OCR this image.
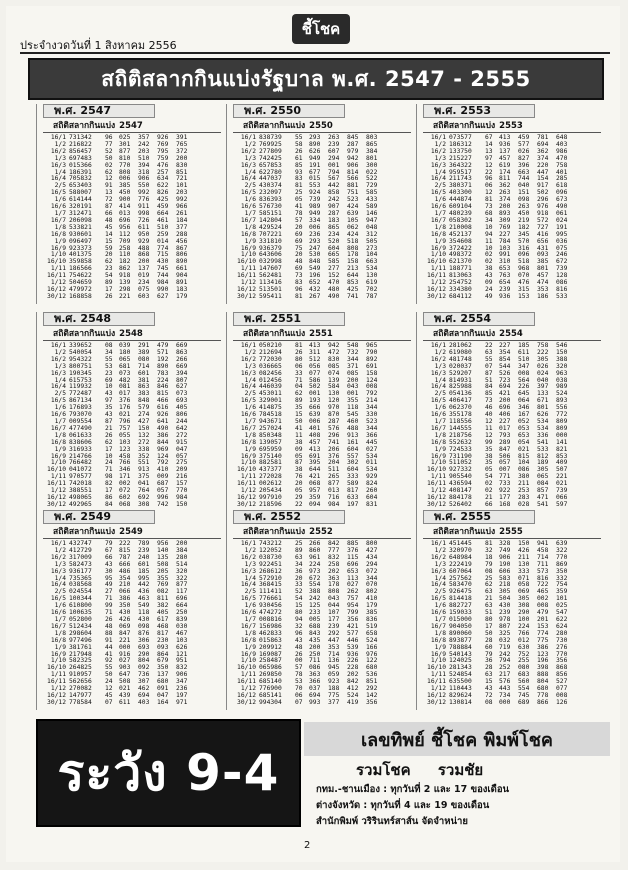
ชี้โชค
ประจำงวดวันที่ 1 สิงหาคม 2556
สถิติสลากกินแบ่งรัฐบาล พ.ศ. 2547 - 2555
พ.ศ. 2547
สถิติสลากกินแบ่ง 2547
16/1 731342	96	025	357	926	391
1/2 216822	77	301	242	769	765
16/2 856457	52	877	203	795	372
1/3 697483	50	810	510	759	200
16/3 015366	02	770	394	476	830
1/4 186391	62	808	318	257	851
16/4 705832	12	006	906	634	721
2/5 653403	91	385	550	622	101
16/5 588007	13	450	992	826	203
1/6 614144	72	900	776	425	992
16/6 320191	87	414	911	459	966
1/7 312471	66	013	998	664	261
16/7 206098	48	696	726	461	184
1/8 533821	45	956	611	510	377
16/8 930601	14	112	950	259	288
1/9 096497	15	709	929	014	456
16/9 923373	59	258	488	774	867
1/10 401375	20	110	868	715	806
16/10 359858	62	182	200	430	890
1/11 186566	23	862	137	745	661
16/11 754622	54	918	019	744	904
1/12 504659	89	139	234	984	891
16/12 479972	17	298	075	990	183
30/12 168858	26	221	603	627	179
พ.ศ. 2550
สถิติสลากกินแบ่ง 2550
16/1 838739	55	293	263	845	803
1/2 769925	58	890	239	287	865
16/2 277809	26	626	607	979	384
1/3 742425	61	949	294	942	801
16/3 657853	85	191	001	906	300
1/4 622780	93	677	794	814	022
16/4 447037	83	015	567	566	522
2/5 430374	81	553	442	881	729
16/5 232097	25	924	858	751	585
1/6 836393	05	739	242	523	433
16/6 576730	41	989	907	424	589
1/7 585151	78	949	287	639	146
16/7 142804	57	334	183	105	947
1/8 429524	20	006	865	062	048
16/8 707221	69	236	234	424	312
1/9 331810	69	293	520	518	505
16/9 936379	75	247	604	808	273
1/10 643606	20	530	665	178	104
16/10 032998	48	848	585	158	663
1/11 147607	69	549	277	213	534
16/11 562481	73	196	152	644	130
1/12 113416	83	652	470	853	619
16/12 513501	96	432	480	425	702
30/12 595411	81	267	490	741	787
พ.ศ. 2553
สถิติสลากกินแบ่ง 2553
16/1 073577	67	413	459	781	648
1/2 186312	14	936	577	694	403
16/2 133750	13	137	026	362	986
1/3 215227	97	457	827	374	470
16/3 364322	12	619	396	220	758
1/4 959517	22	174	663	447	401
16/4 211743	96	811	744	154	285
2/5 380371	06	362	040	917	618
16/5 403300	12	263	151	502	096
1/6 444874	81	374	098	296	673
16/6 609104	73	200	263	976	490
1/7 480239	68	893	450	918	061
16/7 058302	34	309	219	572	024
1/8 210008	10	769	182	727	191
16/8 452137	94	227	345	416	995
1/9 354608	11	784	570	656	036
16/9 372422	10	103	316	431	075
1/10 498372	02	991	096	093	246
16/10 621370	02	310	518	385	672
1/11 188771	38	653	968	801	739
16/11 813063	43	763	070	457	128
1/12 254752	09	654	476	474	086
16/12 334380	24	239	315	353	816
30/12 684112	49	936	153	186	533
พ.ศ. 2548
สถิติสลากกินแบ่ง 2548
16/1 339652	08	039	291	479	669
1/2 540054	34	180	389	571	863
16/2 954322	55	065	080	192	266
1/3 800751	53	681	714	890	669
16/3 190345	23	073	601	783	394
1/4 615753	69	482	381	224	807
16/4 119932	10	081	863	846	627
2/5 772487	43	017	383	815	073
16/5 867134	97	376	848	466	693
1/6 176893	35	176	579	616	405
16/6 793070	43	021	274	926	806
1/7 009554	87	796	427	641	244
16/7 477490	21	757	150	490	642
1/8 061633	26	055	132	386	272
16/8 838606	62	103	272	844	915
1/9 316933	17	123	338	969	047
16/9 214766	10	458	352	124	057
1/10 766482	24	766	551	792	275
16/10 041072	71	346	913	410	209
1/11 970577	98	171	375	009	216
16/11 742018	82	002	041	687	157
1/12 388551	17	072	764	057	770
16/12 498065	86	602	692	996	984
30/12 492965	84	068	308	742	150
พ.ศ. 2551
สถิติสลากกินแบ่ง 2551
16/1 050210	81	413	942	548	965
1/2 212694	26	311	472	732	790
16/2 772030	80	512	830	344	892
1/3 036665	06	056	085	371	691
16/3 082456	33	077	074	085	158
1/4 012456	71	586	139	200	124
16/4 446039	04	502	584	043	008
2/5 453011	62	001	130	001	792
16/5 329001	89	193	120	355	214
1/6 414875	35	666	970	118	344
16/6 784518	15	639	870	545	330
1/7 943671	50	006	287	460	523
16/7 257024	41	401	576	488	344
1/8 850348	11	408	296	913	366
16/8 139057	38	457	741	161	445
1/9 695959	09	413	206	604	027
16/9 375140	05	691	376	557	534
1/10 882581	87	395	204	302	011
16/10 437377	38	644	511	604	534
1/11 272028	76	421	265	333	929
16/11 002612	20	068	877	589	824
1/12 205434	05	957	013	817	260
16/12 997910	29	359	716	633	604
30/12 218596	22	094	984	197	831
พ.ศ. 2554
สถิติสลากกินแบ่ง 2554
16/1 281062	22	227	185	758	546
1/2 619080	63	354	611	222	150
16/2 481748	55	854	510	305	388
1/3 020037	07	544	347	026	320
16/3 529207	87	526	008	024	963
1/4 814931	51	723	564	040	038
16/4 825988	84	694	226	397	989
2/5 054136	85	421	645	133	524
16/5 406417	73	200	064	671	893
1/6 062370	46	696	346	801	556
16/6 355178	40	406	167	626	772
1/7 118556	12	227	052	534	809
16/7 144555	11	017	053	534	809
1/8 218756	12	793	653	336	000
16/8 552632	99	289	054	541	141
1/9 724533	35	847	021	533	821
16/9 731190	38	506	815	812	853
1/10 511052	35	057	104	189	409
16/10 927332	05	007	086	305	507
1/11 905540	54	771	380	065	221
16/11 436594	02	733	211	084	021
1/12 408147	02	922	253	857	739
16/12 884178	21	177	283	471	066
30/12 526402	66	168	028	541	597
พ.ศ. 2549
สถิติสลากกินแบ่ง 2549
16/1 432747	79	222	789	956	200
1/2 412729	67	815	239	140	384
16/2 317009	66	787	240	135	280
1/3 582473	43	666	601	508	514
16/3 936177	30	486	185	205	320
1/4 735365	95	354	995	355	322
16/4 038568	49	210	442	769	877
2/5 024554	27	066	436	082	117
16/5 100344	71	386	463	811	696
1/6 610800	99	350	549	382	664
16/6 100635	71	430	118	405	250
1/7 052800	26	426	430	617	839
16/7 512434	48	069	098	468	030
1/8 298604	88	847	876	817	467
16/8 977496	91	221	306	230	103
1/9 381761	44	000	693	093	626
16/9 217948	41	916	290	864	121
1/10 582325	92	027	804	679	951
16/10 264825	55	903	092	350	832
1/11 910957	50	647	736	137	906
16/11 562656	24	508	307	680	347
1/12 270082	12	021	462	091	236
16/12 147977	45	439	694	047	197
30/12 778584	07	611	403	164	971
พ.ศ. 2552
สถิติสลากกินแบ่ง 2552
16/1 743212	25	266	842	885	800
1/2 122052	89	860	777	376	427
16/2 038730	63	961	832	115	434
1/3 922451	34	224	258	696	294
16/3 268612	36	973	202	653	072
1/4 572910	20	672	363	113	344
16/4 368415	33	554	178	027	070
2/5 111411	52	388	808	262	802
16/5 776661	54	242	043	757	410
1/6 930456	15	125	044	954	179
16/6 474272	80	233	107	799	385
1/7 008816	94	005	177	356	836
16/7 156986	32	688	239	421	519
1/8 462833	96	843	292	577	658
16/8 015863	43	435	447	446	524
1/9 209912	48	200	353	539	166
16/9 169087	26	250	714	936	976
1/10 258487	00	711	136	226	122
16/10 065986	57	086	945	228	680
1/11 269850	78	363	059	202	536
16/11 685140	53	366	923	842	851
1/12 776900	70	037	188	412	292
16/12 685141	06	694	775	524	142
30/12 994304	07	993	377	419	356
พ.ศ. 2555
สถิติสลากกินแบ่ง 2555
16/1 451445	81	328	150	941	639
1/2 320970	32	749	426	458	322
16/2 648984	18	906	211	714	770
1/3 222419	79	190	130	711	869
16/3 607064	08	606	333	573	350
1/4 257562	25	583	071	816	332
16/4 583470	62	218	058	722	754
2/5 926475	63	305	069	465	359
16/5 814418	21	504	305	002	101
1/6 882727	63	430	308	008	025
16/6 159033	51	239	290	479	547
1/7 015000	80	978	100	201	622
16/7 904050	17	807	224	153	624
1/8 890060	50	325	766	774	280
16/8 893877	28	032	012	775	730
1/9 788884	60	719	630	386	276
16/9 540143	79	242	752	123	770
1/10 124025	36	794	255	196	356
16/10 281343	28	252	080	398	868
1/11 524854	63	217	683	888	856
16/11 635500	15	576	560	804	527
1/12 110443	43	443	554	680	077
16/12 829624	72	734	745	778	008
30/12 130814	08	000	689	866	126
ระวัง 9-4
เลขทิพย์ ชี้โชค พิมพ์โชค
รวมโชค รวมชัย
กทม.-ชานเมือง : ทุกวันที่ 2 และ 17 ของเดือน
ต่างจังหวัด : ทุกวันที่ 4 และ 19 ของเดือน
สำนักพิมพ์ วริรินทร์สาส์น จัดจำหน่าย
2
